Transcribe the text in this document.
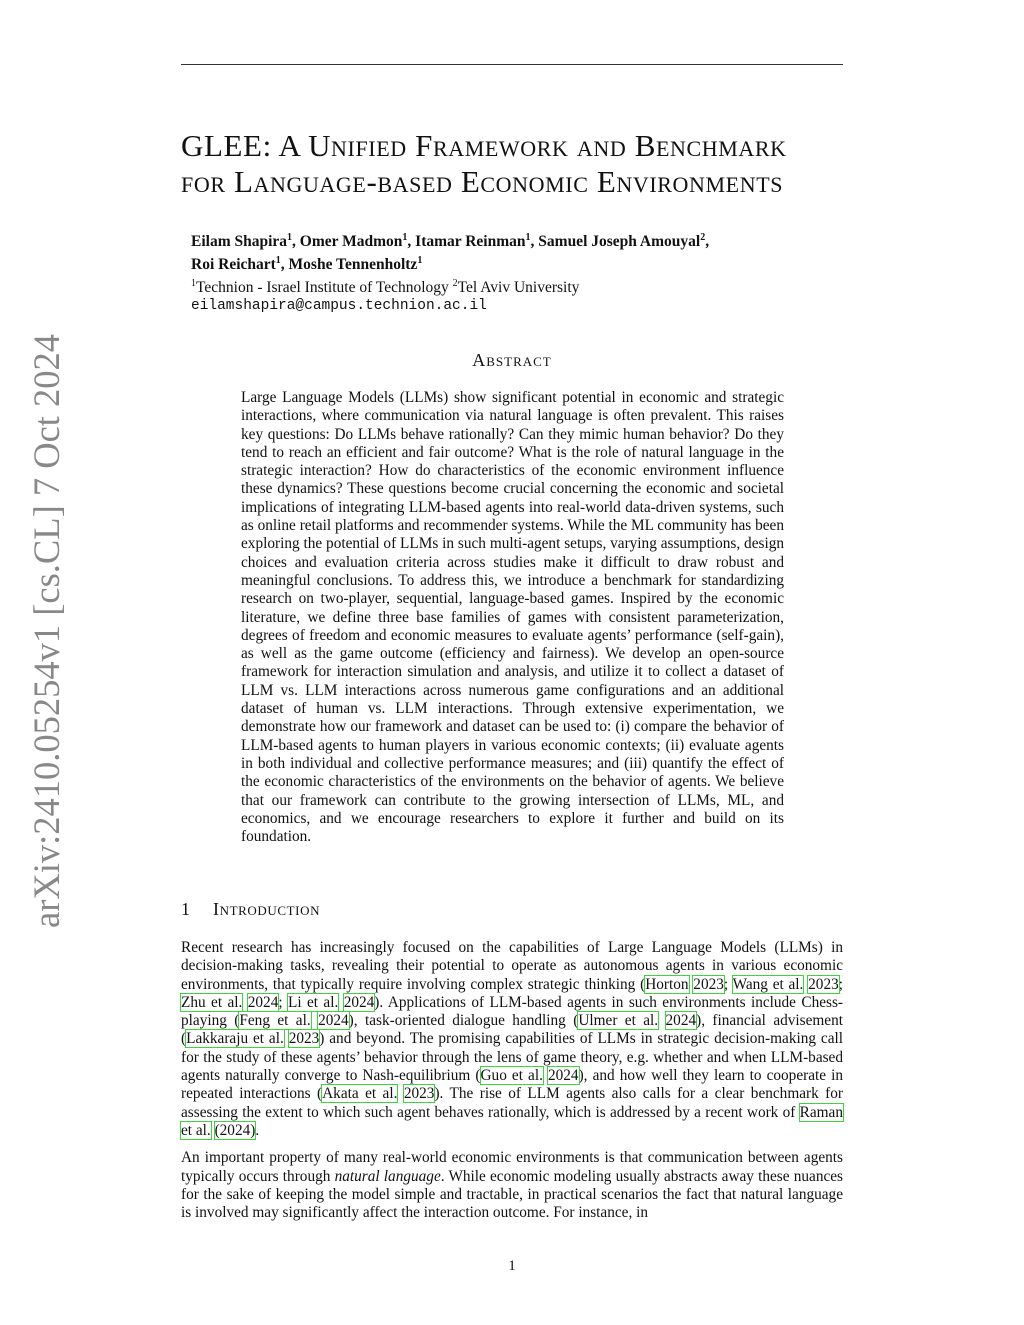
arXiv:2410.05254v1 [cs.CL] 7 Oct 2024
GLEE: A Unified Framework and Benchmark
for Language-based Economic Environments
Eilam Shapira$^1$, Omer Madmon$^1$, Itamar Reinman$^1$, Samuel Joseph Amouyal$^2$,
Roi Reichart$^1$, Moshe Tennenholtz$^1$
$^1$Technion - Israel Institute of Technology $^2$Tel Aviv University
eilamshapira@campus.technion.ac.il
Abstract

Large Language Models (LLMs) show significant potential in economic and strategic interactions, where communication via natural language is often prevalent. This raises key questions: Do LLMs behave rationally? Can they mimic human behavior? Do they tend to reach an efficient and fair outcome? What is the role of natural language in the strategic interaction? How do characteristics of the economic environment influence these dynamics? These questions become crucial concerning the economic and societal implications of integrating LLM-based agents into real-world data-driven systems, such as online retail platforms and recommender systems. While the ML community has been exploring the potential of LLMs in such multi-agent setups, varying assumptions, design choices and evaluation criteria across studies make it difficult to draw robust and meaningful conclusions. To address this, we introduce a benchmark for standardizing research on two-player, sequential, language-based games. Inspired by the economic literature, we define three base families of games with consistent parameterization, degrees of freedom and economic measures to evaluate agents’ performance (self-gain), as well as the game outcome (efficiency and fairness). We develop an open-source framework for interaction simulation and analysis, and utilize it to collect a dataset of LLM vs. LLM interactions across numerous game configurations and an additional dataset of human vs. LLM interactions. Through extensive experimentation, we demonstrate how our framework and dataset can be used to: (i) compare the behavior of LLM-based agents to human players in various economic contexts; (ii) evaluate agents in both individual and collective performance measures; and (iii) quantify the effect of the economic characteristics of the environments on the behavior of agents. We believe that our framework can contribute to the growing intersection of LLMs, ML, and economics, and we encourage researchers to explore it further and build on its foundation.

1 Introduction

Recent research has increasingly focused on the capabilities of Large Language Models (LLMs) in decision-making tasks, revealing their potential to operate as autonomous agents in various economic environments, that typically require involving complex strategic thinking (Horton 2023; Wang et al. 2023; Zhu et al. 2024; Li et al. 2024). Applications of LLM-based agents in such environments include Chess-playing (Feng et al. 2024), task-oriented dialogue handling (Ulmer et al. 2024), financial advisement (Lakkaraju et al. 2023) and beyond. The promising capabilities of LLMs in strategic decision-making call for the study of these agents’ behavior through the lens of game theory, e.g. whether and when LLM-based agents naturally converge to Nash-equilibrium (Guo et al. 2024), and how well they learn to cooperate in repeated interactions (Akata et al. 2023). The rise of LLM agents also calls for a clear benchmark for assessing the extent to which such agent behaves rationally, which is addressed by a recent work of Raman et al. (2024).

An important property of many real-world economic environments is that communication between agents typically occurs through natural language. While economic modeling usually abstracts away these nuances for the sake of keeping the model simple and tractable, in practical scenarios the fact that natural language is involved may significantly affect the interaction outcome. For instance, in

1
